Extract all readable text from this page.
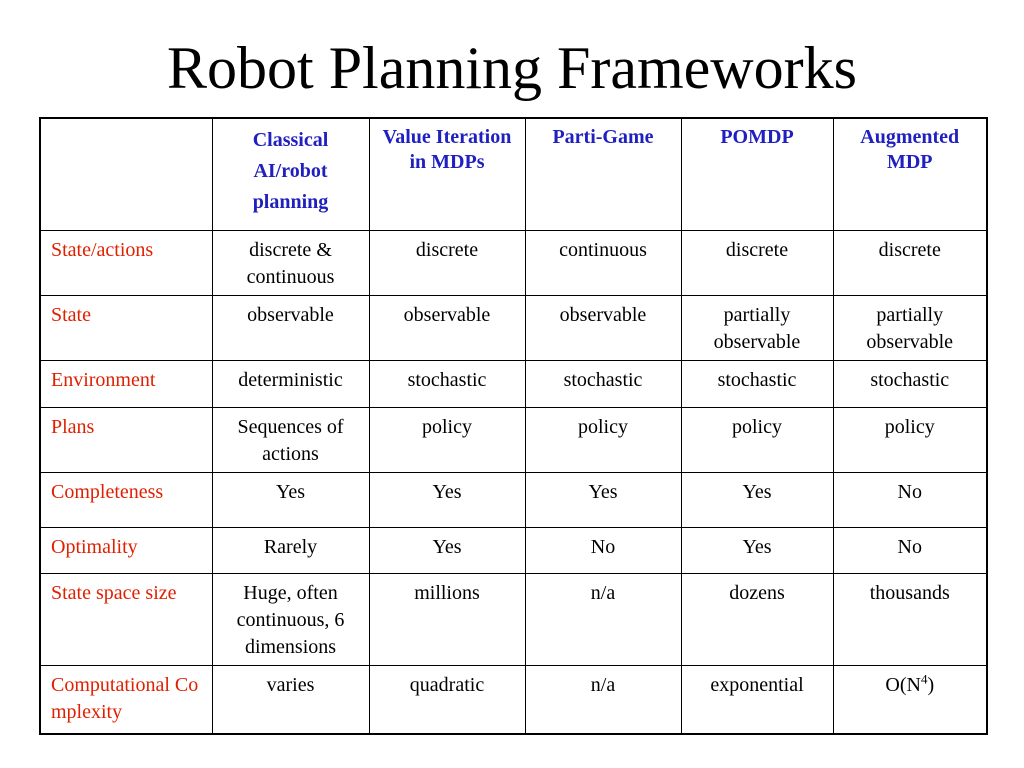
Robot Planning Frameworks
	Classical AI/robot planning	Value Iteration in MDPs	Parti-Game	POMDP	Augmented MDP
State/actions	discrete & continuous	discrete	continuous	discrete	discrete
State	observable	observable	observable	partially observable	partially observable
Environment	deterministic	stochastic	stochastic	stochastic	stochastic
Plans	Sequences of actions	policy	policy	policy	policy
Completeness	Yes	Yes	Yes	Yes	No
Optimality	Rarely	Yes	No	Yes	No
State space size	Huge, often continuous, 6 dimensions	millions	n/a	dozens	thousands
Computational Complexity	varies	quadratic	n/a	exponential	$O(N^4)$
